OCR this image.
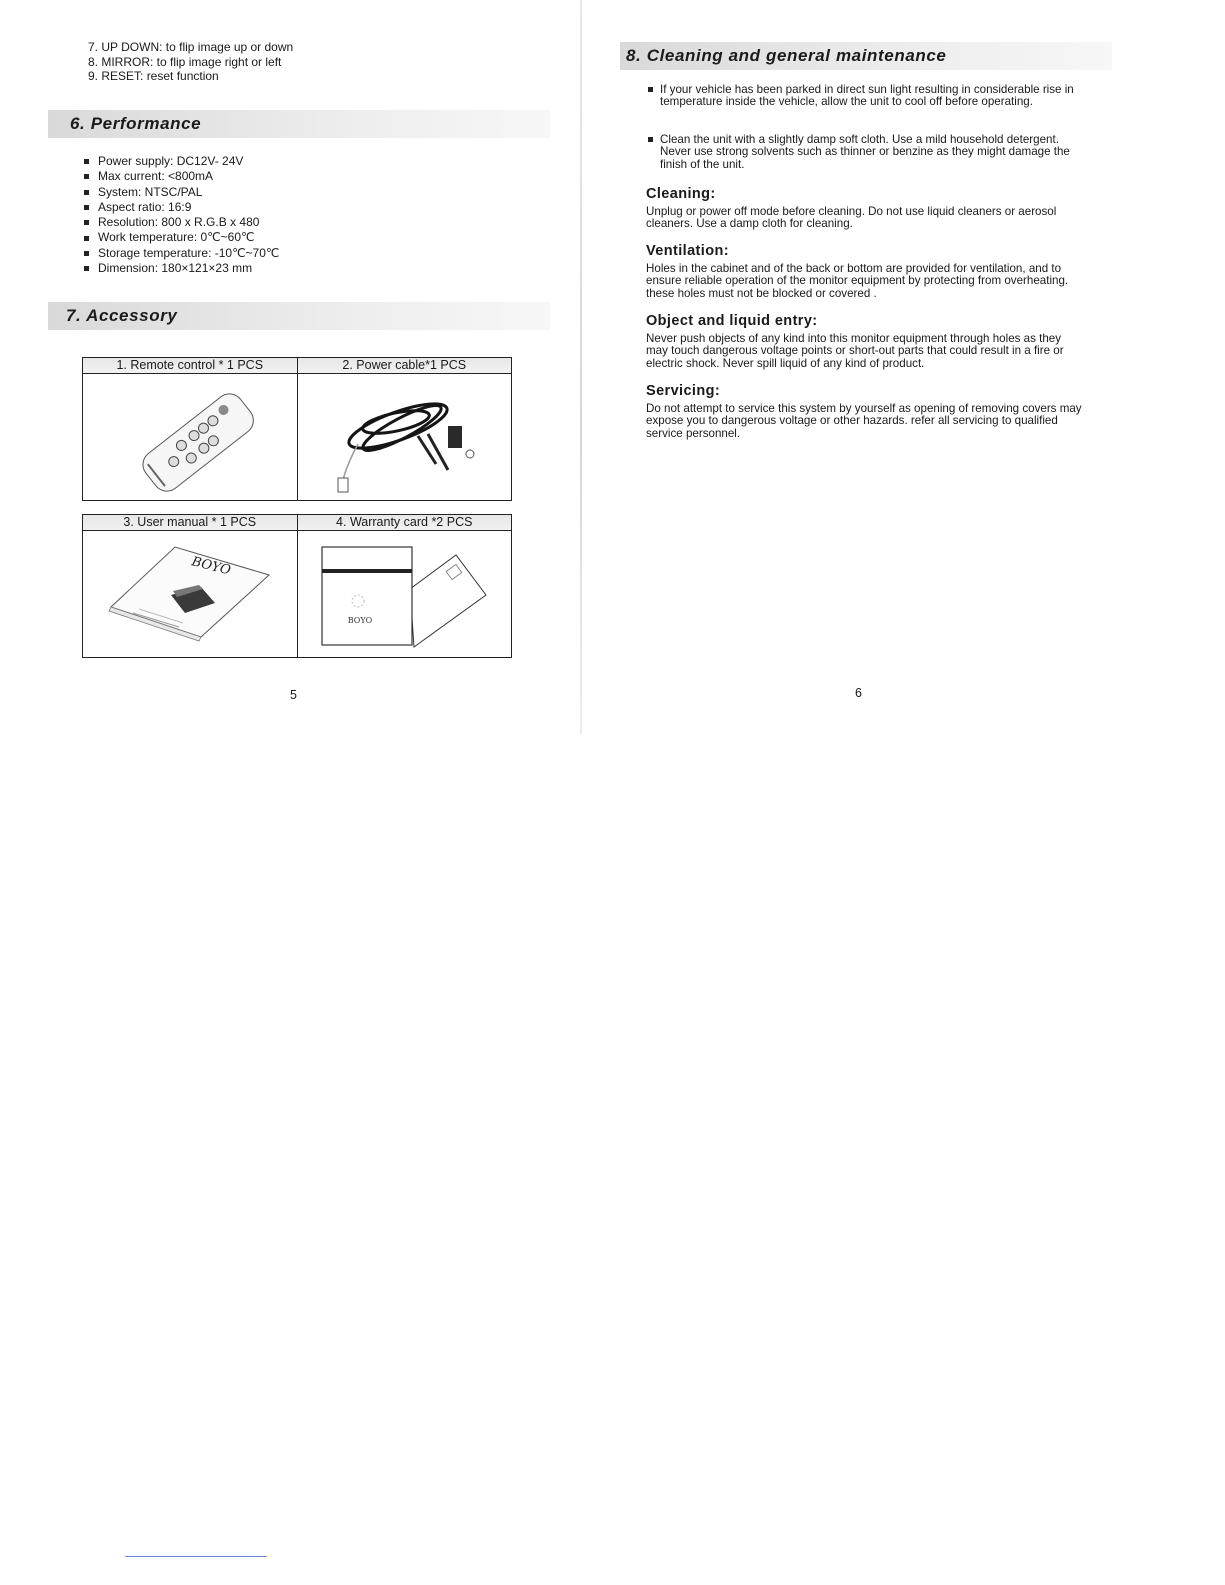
7. UP DOWN: to flip image up or down
8. MIRROR: to flip image right or left
9. RESET: reset function
6. Performance
Power supply: DC12V- 24V
Max current: <800mA
System: NTSC/PAL
Aspect ratio: 16:9
Resolution: 800 x R.G.B x 480
Work temperature: 0℃~60℃
Storage temperature: -10℃~70℃
Dimension: 180×121×23 mm
7. Accessory
1. Remote control * 1 PCS	2. Power cable*1 PCS
3. User manual * 1 PCS	4. Warranty card *2 PCS
BOYO
BOYO
5
8. Cleaning and general maintenance
If your vehicle has been parked in direct sun light resulting in considerable rise in temperature inside the vehicle, allow the unit to cool off before operating.
Clean the unit with a slightly damp soft cloth. Use a mild household detergent. Never use strong solvents such as thinner or benzine as they might damage the finish of the unit.
Cleaning:

Unplug or power off mode before cleaning. Do not use liquid cleaners or aerosol cleaners. Use a damp cloth for cleaning.

Ventilation:

Holes in the cabinet and of the back or bottom are provided for ventilation, and to ensure reliable operation of the monitor equipment by protecting from overheating. these holes must not be blocked or covered .

Object and liquid entry:

Never push objects of any kind into this monitor equipment through holes as they may touch dangerous voltage points or short-out parts that could result in a fire or electric shock. Never spill liquid of any kind of product.

Servicing:

Do not attempt to service this system by yourself as opening of removing covers may expose you to dangerous voltage or other hazards. refer all servicing to qualified service personnel.

6
